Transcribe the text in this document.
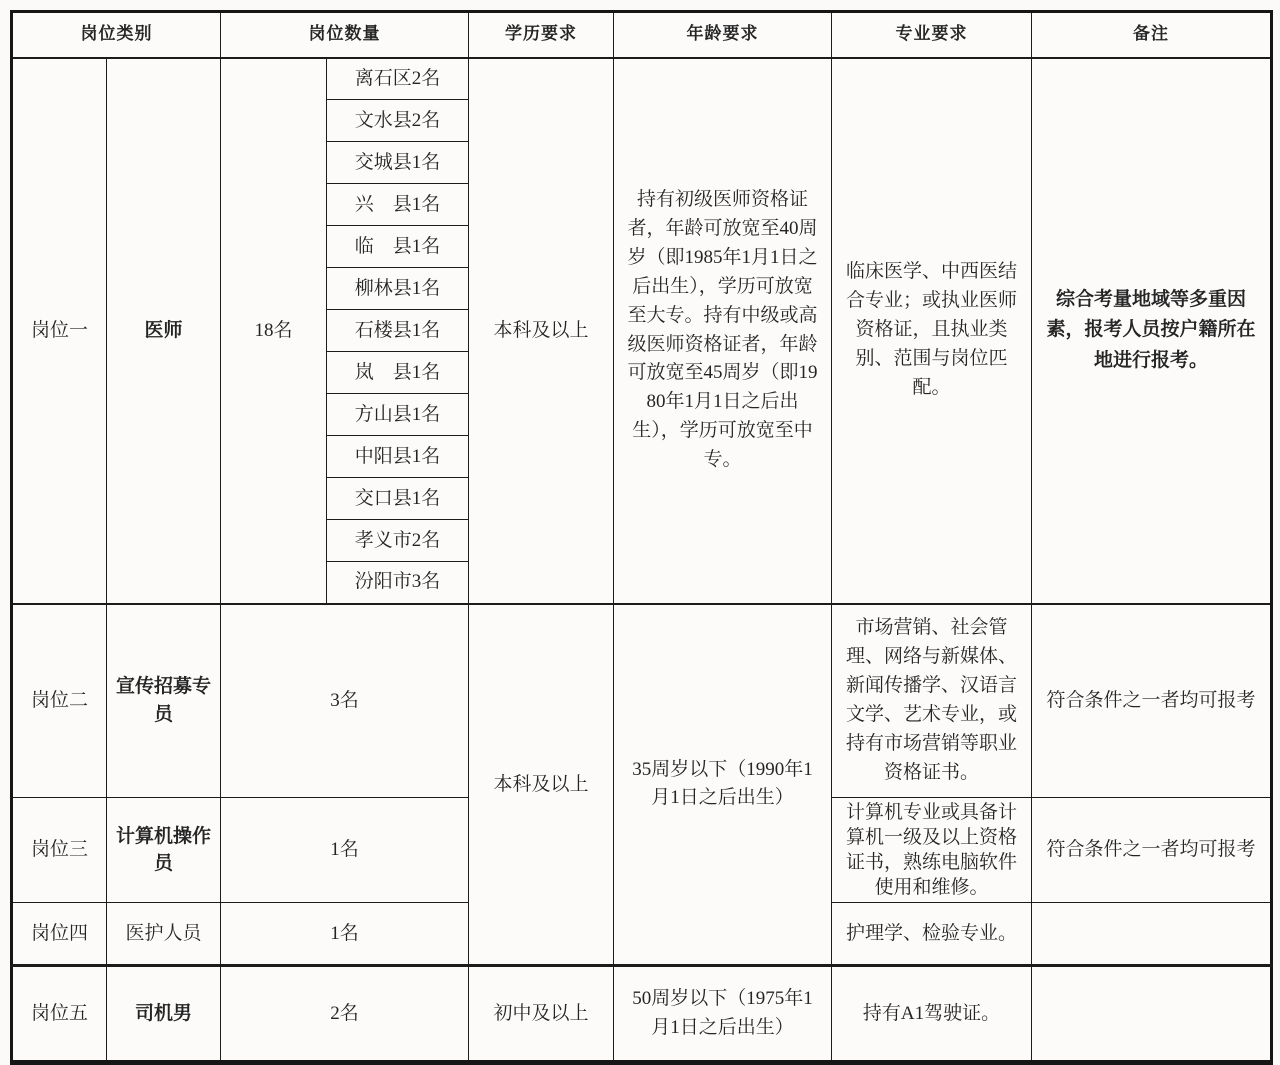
岗位类别		岗位数量		学历要求	年龄要求	专业要求	备注
岗位一	医师	18名	离石区2名	本科及以上	持有初级医师资格证者，年龄可放宽至40周岁（即1985年1月1日之后出生），学历可放宽至大专。持有中级或高级医师资格证者，年龄可放宽至45周岁（即1980年1月1日之后出生），学历可放宽至中专。	临床医学、中西医结合专业；或执业医师资格证，且执业类别、范围与岗位匹配。	综合考量地域等多重因素，报考人员按户籍所在地进行报考。
			文水县2名				
			交城县1名				
			兴　县1名				
			临　县1名				
			柳林县1名				
			石楼县1名				
			岚　县1名				
			方山县1名				
			中阳县1名				
			交口县1名				
			孝义市2名				
			汾阳市3名				
岗位二	宣传招募专员	3名		本科及以上	35周岁以下（1990年1月1日之后出生）	市场营销、社会管理、网络与新媒体、新闻传播学、汉语言文学、艺术专业，或持有市场营销等职业资格证书。	符合条件之一者均可报考
岗位三	计算机操作员	1名				计算机专业或具备计算机一级及以上资格证书，熟练电脑软件使用和维修。	符合条件之一者均可报考
岗位四	医护人员	1名				护理学、检验专业。	
岗位五	司机男	2名		初中及以上	50周岁以下（1975年1月1日之后出生）	持有A1驾驶证。	
